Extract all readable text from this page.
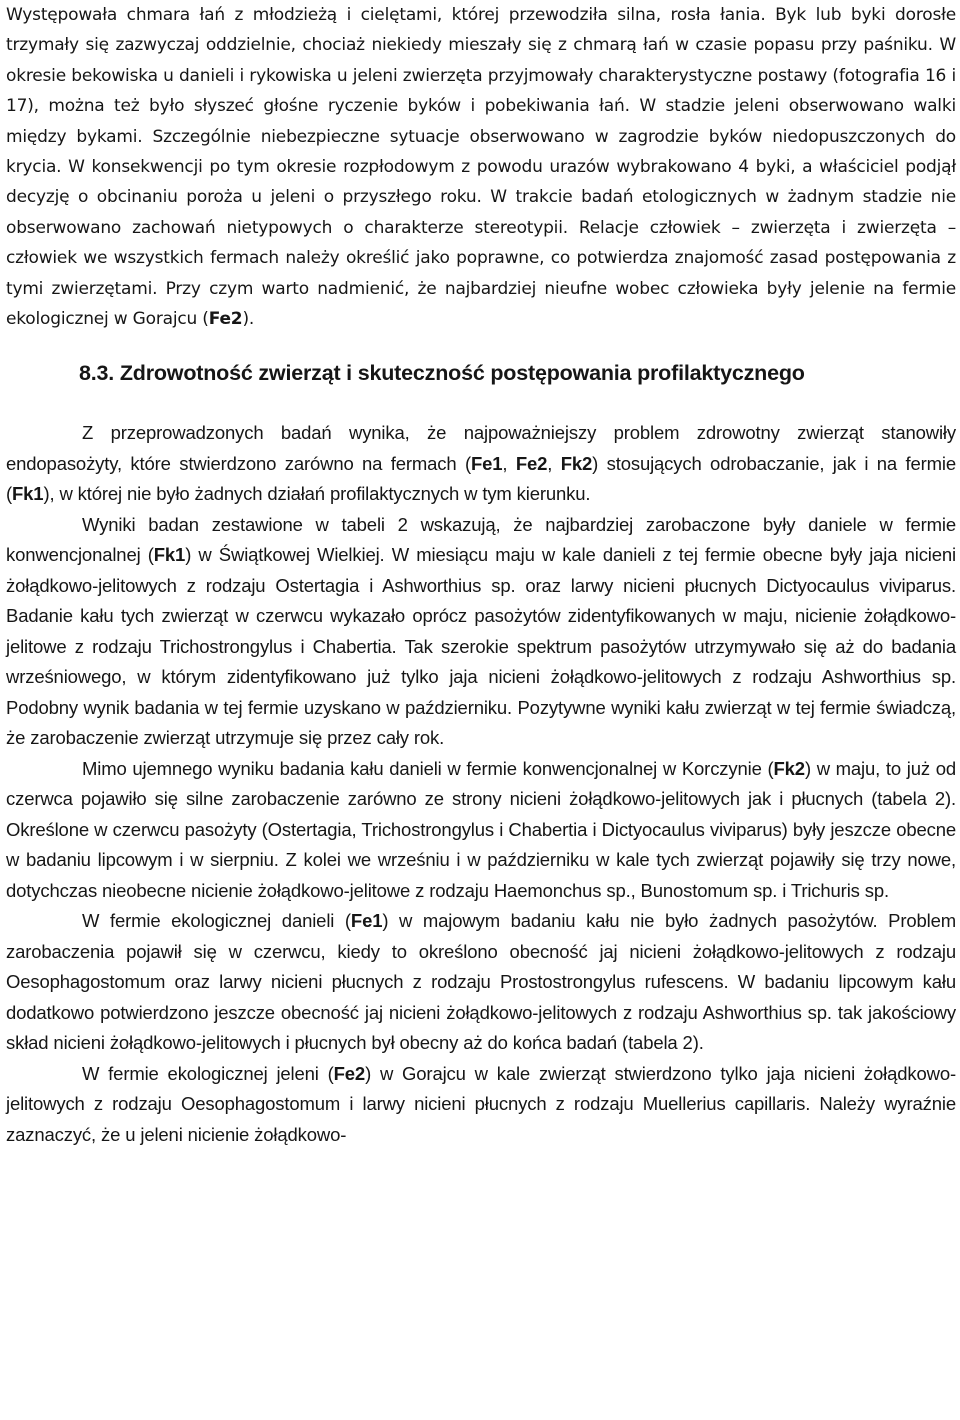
Występowała chmara łań z młodzieżą i cielętami, której przewodziła silna, rosła łania. Byk lub byki dorosłe trzymały się zazwyczaj oddzielnie, chociaż niekiedy mieszały się z chmarą łań w czasie popasu przy paśniku. W okresie bekowiska u danieli i rykowiska u jeleni zwierzęta przyjmowały charakterystyczne postawy (fotografia 16 i 17), można też było słyszeć głośne ryczenie byków i pobekiwania łań. W stadzie jeleni obserwowano walki między bykami. Szczególnie niebezpieczne sytuacje obserwowano w zagrodzie byków niedopuszczonych do krycia. W konsekwencji po tym okresie rozpłodowym z powodu urazów wybrakowano 4 byki, a właściciel podjął decyzję o obcinaniu poroża u jeleni o przyszłego roku. W trakcie badań etologicznych w żadnym stadzie nie obserwowano zachowań nietypowych o charakterze stereotypii. Relacje człowiek – zwierzęta i zwierzęta – człowiek we wszystkich fermach należy określić jako poprawne, co potwierdza znajomość zasad postępowania z tymi zwierzętami. Przy czym warto nadmienić, że najbardziej nieufne wobec człowieka były jelenie na fermie ekologicznej w Gorajcu (Fe2).

8.3. Zdrowotność zwierząt i skuteczność postępowania profilaktycznego

Z przeprowadzonych badań wynika, że najpoważniejszy problem zdrowotny zwierząt stanowiły endopasożyty, które stwierdzono zarówno na fermach (Fe1, Fe2, Fk2) stosujących odrobaczanie, jak i na fermie (Fk1), w której nie było żadnych działań profilaktycznych w tym kierunku.

Wyniki badan zestawione w tabeli 2 wskazują, że najbardziej zarobaczone były daniele w fermie konwencjonalnej (Fk1) w Świątkowej Wielkiej. W miesiącu maju w kale danieli z tej fermie obecne były jaja nicieni żołądkowo-jelitowych z rodzaju Ostertagia i Ashworthius sp. oraz larwy nicieni płucnych Dictyocaulus viviparus. Badanie kału tych zwierząt w czerwcu wykazało oprócz pasożytów zidentyfikowanych w maju, nicienie żołądkowo-jelitowe z rodzaju Trichostrongylus i Chabertia. Tak szerokie spektrum pasożytów utrzymywało się aż do badania wrześniowego, w którym zidentyfikowano już tylko jaja nicieni żołądkowo-jelitowych z rodzaju Ashworthius sp. Podobny wynik badania w tej fermie uzyskano w październiku. Pozytywne wyniki kału zwierząt w tej fermie świadczą, że zarobaczenie zwierząt utrzymuje się przez cały rok.

Mimo ujemnego wyniku badania kału danieli w fermie konwencjonalnej w Korczynie (Fk2) w maju, to już od czerwca pojawiło się silne zarobaczenie zarówno ze strony nicieni żołądkowo-jelitowych jak i płucnych (tabela 2). Określone w czerwcu pasożyty (Ostertagia, Trichostrongylus i Chabertia i Dictyocaulus viviparus) były jeszcze obecne w badaniu lipcowym i w sierpniu. Z kolei we wrześniu i w październiku w kale tych zwierząt pojawiły się trzy nowe, dotychczas nieobecne nicienie żołądkowo-jelitowe z rodzaju Haemonchus sp., Bunostomum sp. i Trichuris sp.

W fermie ekologicznej danieli (Fe1) w majowym badaniu kału nie było żadnych pasożytów. Problem zarobaczenia pojawił się w czerwcu, kiedy to określono obecność jaj nicieni żołądkowo-jelitowych z rodzaju Oesophagostomum oraz larwy nicieni płucnych z rodzaju Prostostrongylus rufescens. W badaniu lipcowym kału dodatkowo potwierdzono jeszcze obecność jaj nicieni żołądkowo-jelitowych z rodzaju Ashworthius sp. tak jakościowy skład nicieni żołądkowo-jelitowych i płucnych był obecny aż do końca badań (tabela 2).

W fermie ekologicznej jeleni (Fe2) w Gorajcu w kale zwierząt stwierdzono tylko jaja nicieni żołądkowo-jelitowych z rodzaju Oesophagostomum i larwy nicieni płucnych z rodzaju Muellerius capillaris. Należy wyraźnie zaznaczyć, że u jeleni nicienie żołądkowo-
